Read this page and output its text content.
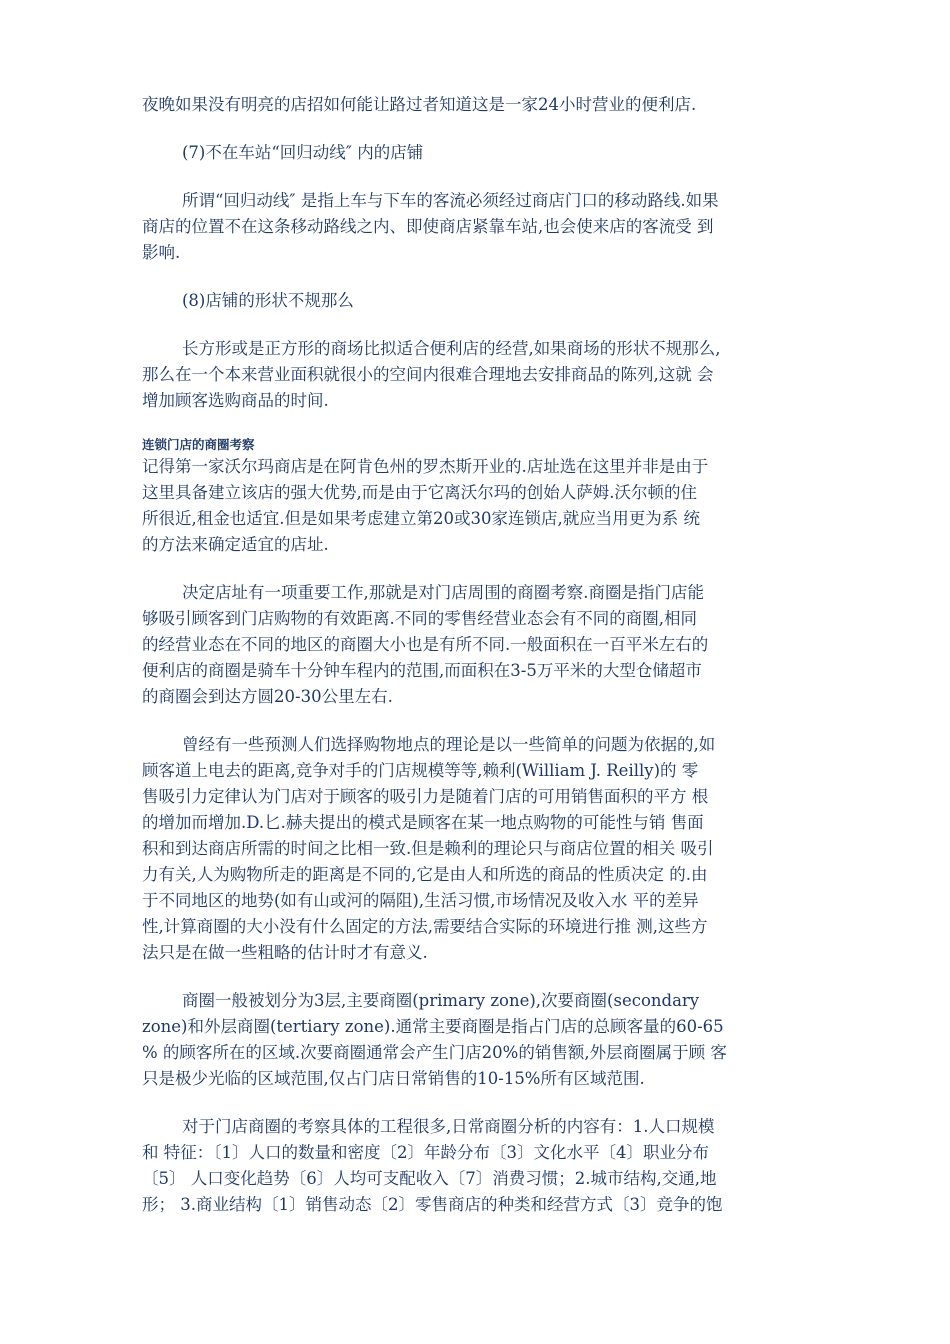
夜晚如果没有明亮的店招如何能让路过者知道这是一家24小时营业的便利店.
(7)不在车站“回归动线″ 内的店铺
所谓“回归动线″ 是指上车与下车的客流必须经过商店门口的移动路线.如果
商店的位置不在这条移动路线之内、即使商店紧靠车站,也会使来店的客流受 到
影响.
(8)店铺的形状不规那么
长方形或是正方形的商场比拟适合便利店的经营,如果商场的形状不规那么,
那么在一个本来营业面积就很小的空间内很难合理地去安排商品的陈列,这就 会
增加顾客选购商品的时间.
连锁门店的商圈考察
记得第一家沃尔玛商店是在阿肯色州的罗杰斯开业的.店址选在这里并非是由于
这里具备建立该店的强大优势,而是由于它离沃尔玛的创始人萨姆.沃尔顿的住
所很近,租金也适宜.但是如果考虑建立第20或30家连锁店,就应当用更为系 统
的方法来确定适宜的店址.
决定店址有一项重要工作,那就是对门店周围的商圈考察.商圈是指门店能
够吸引顾客到门店购物的有效距离.不同的零售经营业态会有不同的商圈,相同
的经营业态在不同的地区的商圈大小也是有所不同.一般面积在一百平米左右的
便利店的商圈是骑车十分钟车程内的范围,而面积在3-5万平米的大型仓储超市
的商圈会到达方圆20-30公里左右.
曾经有一些预测人们选择购物地点的理论是以一些简单的问题为依据的,如
顾客道上电去的距离,竞争对手的门店规模等等,赖利(William J. Reilly)的 零
售吸引力定律认为门店对于顾客的吸引力是随着门店的可用销售面积的平方 根
的增加而增加.D.匕.赫夫提出的模式是顾客在某一地点购物的可能性与销 售面
积和到达商店所需的时间之比相一致.但是赖利的理论只与商店位置的相关 吸引
力有关,人为购物所走的距离是不同的,它是由人和所选的商品的性质决定 的.由
于不同地区的地势(如有山或河的隔阻),生活习惯,市场情况及收入水 平的差异
性,计算商圈的大小没有什么固定的方法,需要结合实际的环境进行推 测,这些方
法只是在做一些粗略的估计时才有意义.
商圈一般被划分为3层,主要商圈(primary zone),次要商圈(secondary
zone)和外层商圈(tertiary zone).通常主要商圈是指占门店的总顾客量的60-65
% 的顾客所在的区域.次要商圈通常会产生门店20%的销售额,外层商圈属于顾 客
只是极少光临的区域范围,仅占门店日常销售的10-15%所有区域范围.
对于门店商圈的考察具体的工程很多,日常商圈分析的内容有：1.人口规模
和 特征：〔1〕人口的数量和密度〔2〕年龄分布〔3〕文化水平〔4〕职业分布
〔5〕 人口变化趋势〔6〕人均可支配收入〔7〕消费习惯；2.城市结构,交通,地
形； 3.商业结构〔1〕销售动态〔2〕零售商店的种类和经营方式〔3〕竞争的饱
